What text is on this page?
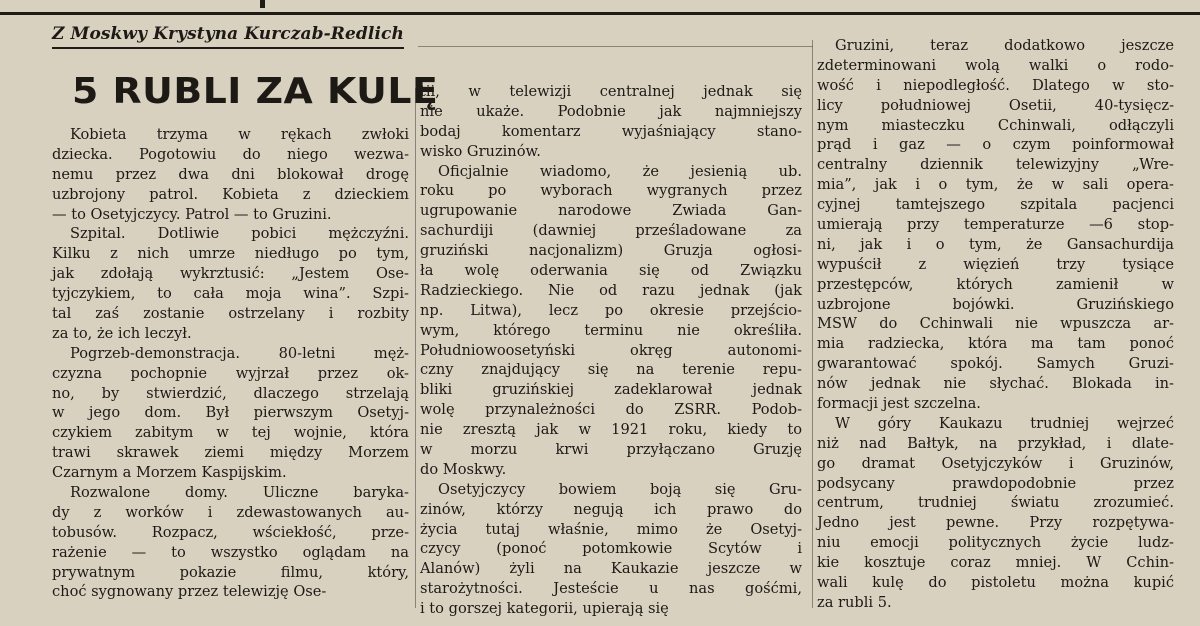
Z Moskwy Krystyna Kurczab-Redlich
5 RUBLI ZA KULĘ
Kobieta trzyma w rękach zwłoki
dziecka. Pogotowiu do niego wezwa-
nemu przez dwa dni blokował drogę
uzbrojony patrol. Kobieta z dzieckiem
— to Osetyjczycy. Patrol — to Gruzini.
Szpital. Dotliwie pobici mężczyźni.
Kilku z nich umrze niedługo po tym,
jak zdołają wykrztusić: „Jestem Ose-
tyjczykiem, to cała moja wina”. Szpi-
tal zaś zostanie ostrzelany i rozbity
za to, że ich leczył.
Pogrzeb-demonstracja. 80-letni męż-
czyzna pochopnie wyjrzał przez ok-
no, by stwierdzić, dlaczego strzelają
w jego dom. Był pierwszym Osetyj-
czykiem zabitym w tej wojnie, która
trawi skrawek ziemi między Morzem
Czarnym a Morzem Kaspijskim.
Rozwalone domy. Uliczne baryka-
dy z worków i zdewastowanych au-
tobusów. Rozpacz, wściekłość, prze-
rażenie — to wszystko oglądam na
prywatnym pokazie filmu, który,
choć sygnowany przez telewizję Ose-
tii, w telewizji centralnej jednak się
nie ukaże. Podobnie jak najmniejszy
bodaj komentarz wyjaśniający stano-
wisko Gruzinów.
Oficjalnie wiadomo, że jesienią ub.
roku po wyborach wygranych przez
ugrupowanie narodowe Zwiada Gan-
sachurdiji (dawniej prześladowane za
gruziński nacjonalizm) Gruzja ogłosi-
ła wolę oderwania się od Związku
Radzieckiego. Nie od razu jednak (jak
np. Litwa), lecz po okresie przejścio-
wym, którego terminu nie określiła.
Południowoosetyński okręg autonomi-
czny znajdujący się na terenie repu-
bliki gruzińskiej zadeklarował jednak
wolę przynależności do ZSRR. Podob-
nie zresztą jak w 1921 roku, kiedy to
w morzu krwi przyłączano Gruzję
do Moskwy.
Osetyjczycy bowiem boją się Gru-
zinów, którzy negują ich prawo do
życia tutaj właśnie, mimo że Osetyj-
czycy (ponoć potomkowie Scytów i
Alanów) żyli na Kaukazie jeszcze w
starożytności. Jesteście u nas gośćmi,
i to gorszej kategorii, upierają się
Gruzini, teraz dodatkowo jeszcze
zdeterminowani wolą walki o rodo-
wość i niepodległość. Dlatego w sto-
licy południowej Osetii, 40-tysięcz-
nym miasteczku Cchinwali, odłączyli
prąd i gaz — o czym poinformował
centralny dziennik telewizyjny „Wre-
mia”, jak i o tym, że w sali opera-
cyjnej tamtejszego szpitala pacjenci
umierają przy temperaturze —6 stop-
ni, jak i o tym, że Gansachurdija
wypuścił z więzień trzy tysiące
przestępców, których zamienił w
uzbrojone bojówki. Gruzińskiego
MSW do Cchinwali nie wpuszcza ar-
mia radziecka, która ma tam ponoć
gwarantować spokój. Samych Gruzi-
nów jednak nie słychać. Blokada in-
formacji jest szczelna.
W góry Kaukazu trudniej wejrzeć
niż nad Bałtyk, na przykład, i dlate-
go dramat Osetyjczyków i Gruzinów,
podsycany prawdopodobnie przez
centrum, trudniej światu zrozumieć.
Jedno jest pewne. Przy rozpętywa-
niu emocji politycznych życie ludz-
kie kosztuje coraz mniej. W Cchin-
wali kulę do pistoletu można kupić
za rubli 5.
